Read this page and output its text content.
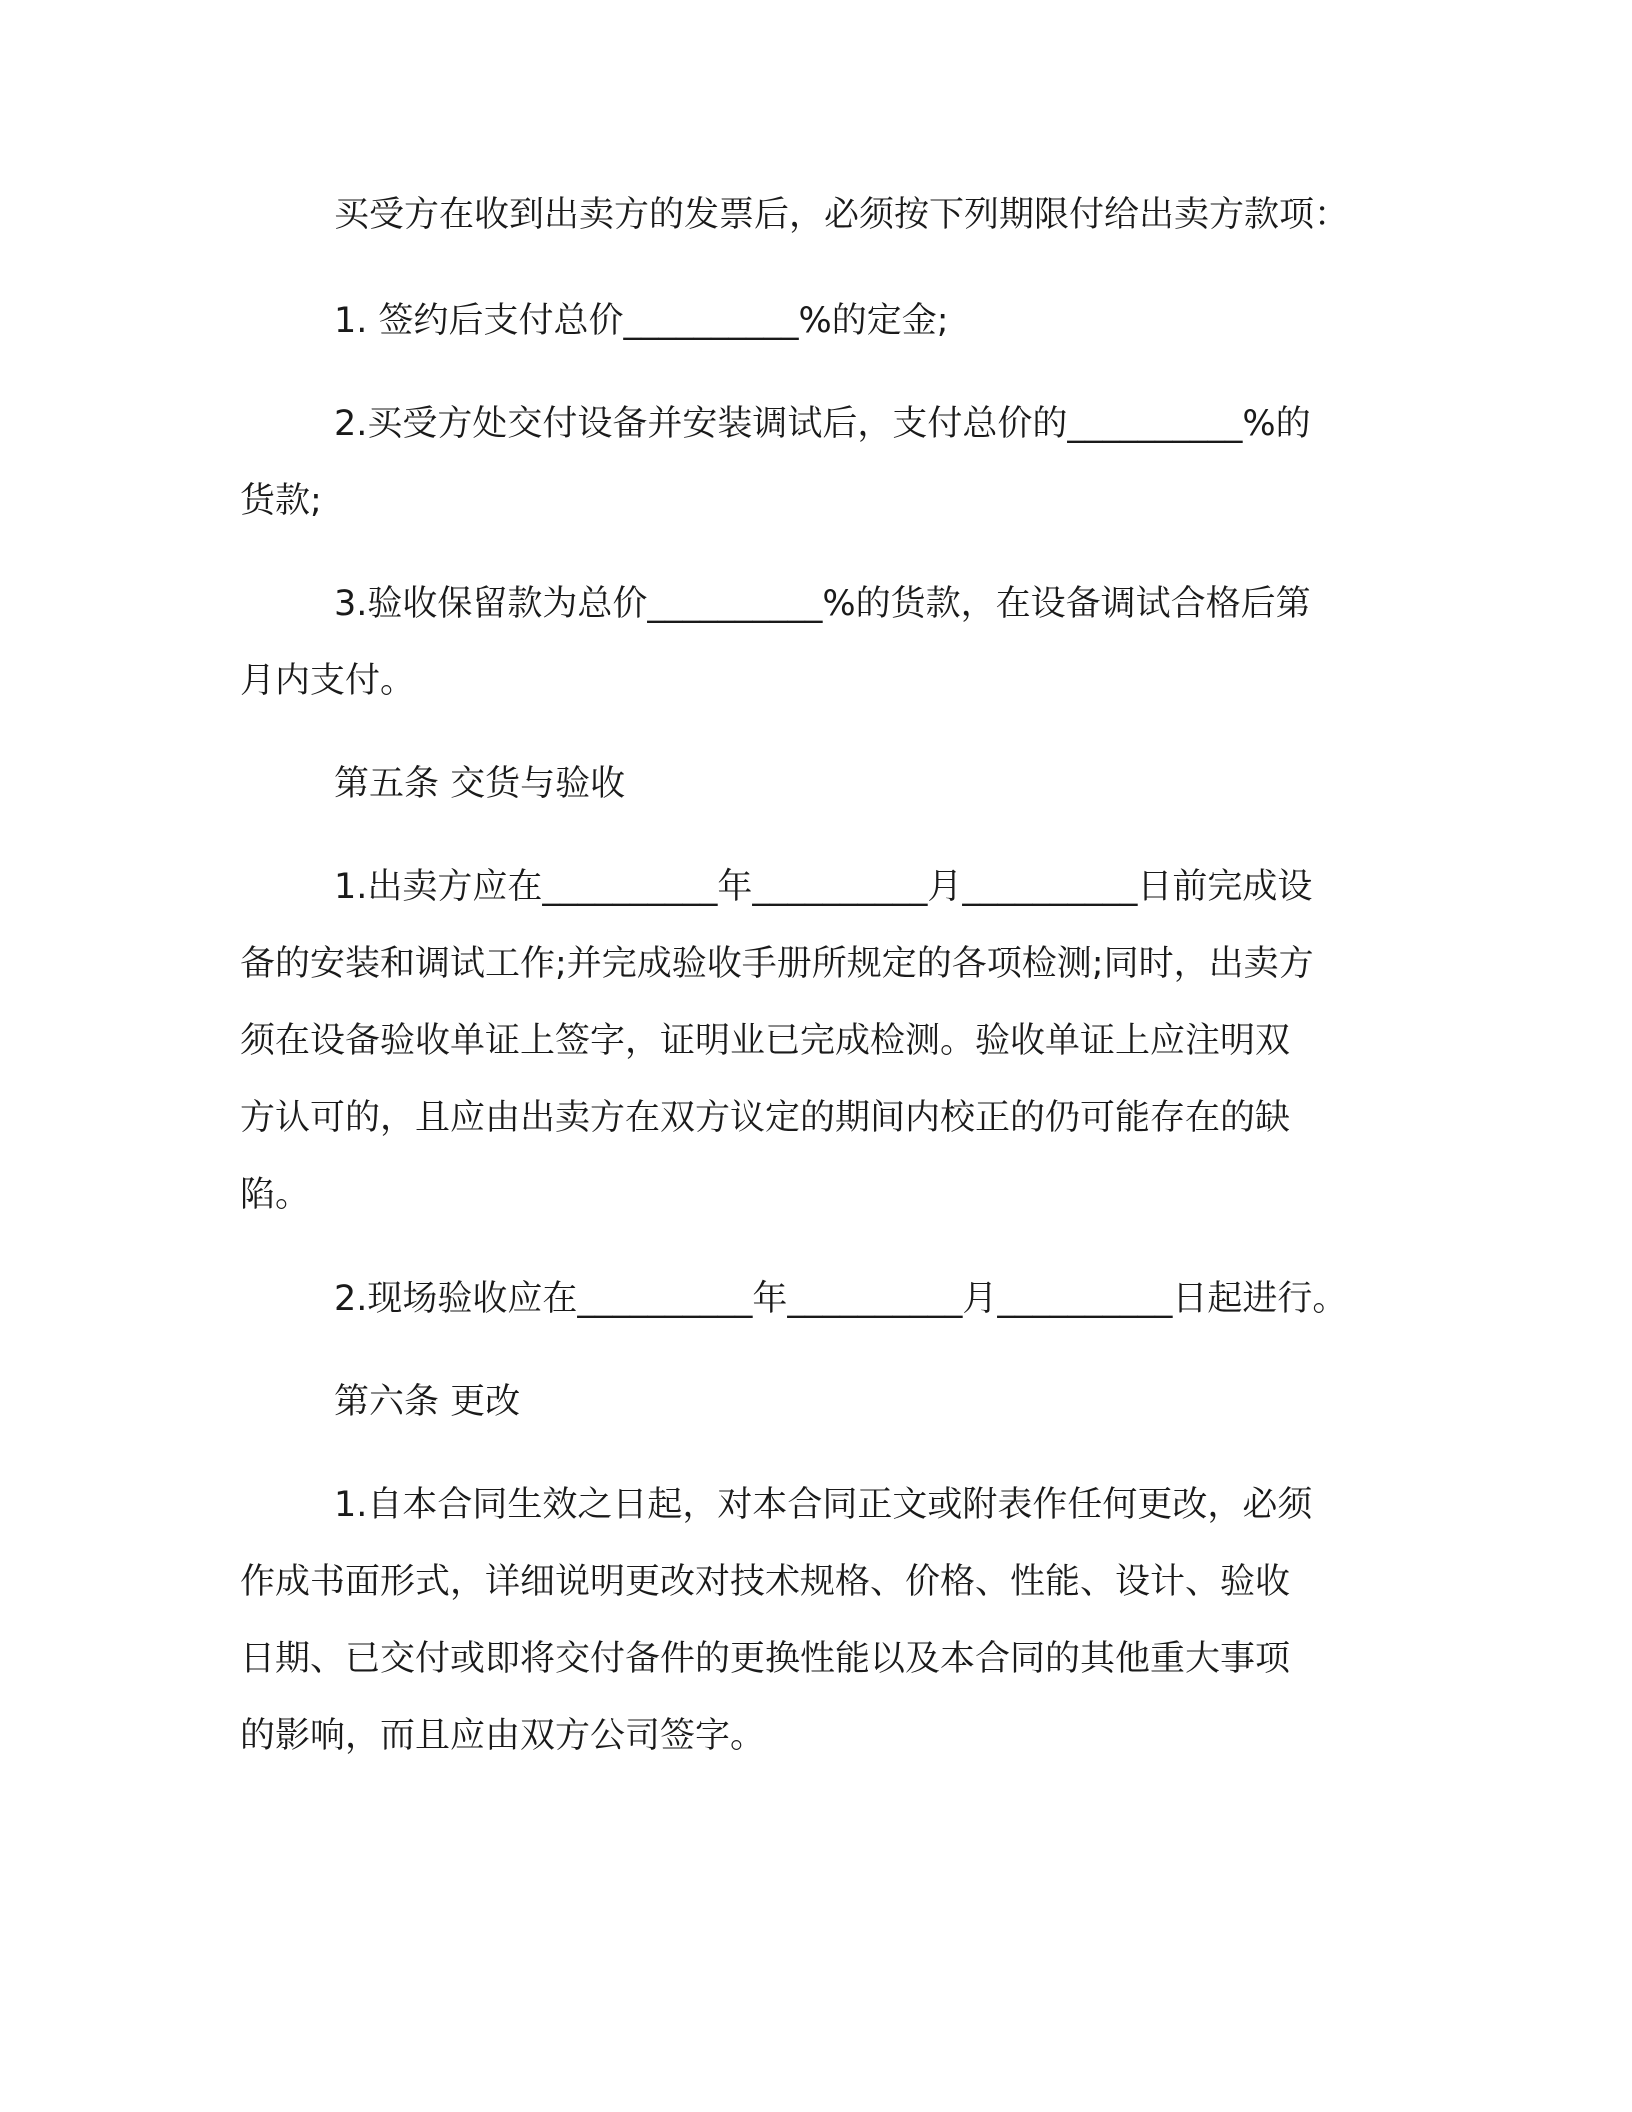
买受方在收到出卖方的发票后，必须按下列期限付给出卖方款项：
1. 签约后支付总价__________%的定金;
2.买受方处交付设备并安装调试后，支付总价的__________%的
货款;
3.验收保留款为总价__________%的货款，在设备调试合格后第
月内支付。
第五条 交货与验收
1.出卖方应在__________年__________月__________日前完成设
备的安装和调试工作;并完成验收手册所规定的各项检测;同时，出卖方
须在设备验收单证上签字，证明业已完成检测。验收单证上应注明双
方认可的，且应由出卖方在双方议定的期间内校正的仍可能存在的缺
陷。
2.现场验收应在__________年__________月__________日起进行。
第六条 更改
1.自本合同生效之日起，对本合同正文或附表作任何更改，必须
作成书面形式，详细说明更改对技术规格、价格、性能、设计、验收
日期、已交付或即将交付备件的更换性能以及本合同的其他重大事项
的影响，而且应由双方公司签字。
